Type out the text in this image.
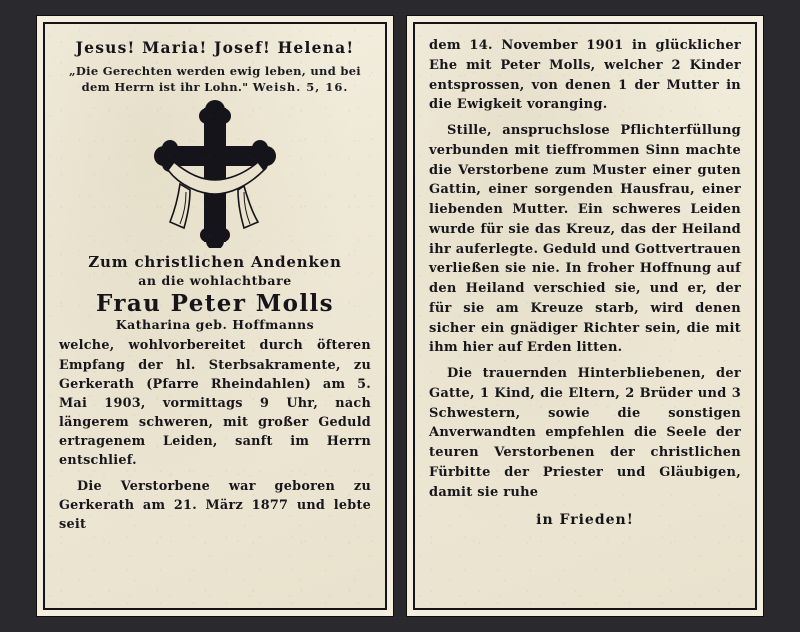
Jesus! Maria! Josef! Helena!
„Die Gerechten werden ewig leben, und bei
dem Herrn ist ihr Lohn." Weish. 5, 16.
Zum christlichen Andenken
an die wohlachtbare
Frau Peter Molls
Katharina geb. Hoffmanns

welche, wohlvorbereitet durch öfteren Empfang der hl. Sterbsakramente, zu Gerkerath (Pfarre Rheindahlen) am 5. Mai 1903, vormittags 9 Uhr, nach längerem schweren, mit großer Geduld ertragenem Leiden, sanft im Herrn entschlief.

Die Verstorbene war geboren zu Gerkerath am 21. März 1877 und lebte seit

dem 14. November 1901 in glücklicher Ehe mit Peter Molls, welcher 2 Kinder entsprossen, von denen 1 der Mutter in die Ewigkeit voranging.

Stille, anspruchslose Pflichterfüllung verbunden mit tieffrommen Sinn machte die Verstorbene zum Muster einer guten Gattin, einer sorgenden Hausfrau, einer liebenden Mutter. Ein schweres Leiden wurde für sie das Kreuz, das der Heiland ihr auferlegte. Geduld und Gottvertrauen verließen sie nie. In froher Hoffnung auf den Heiland verschied sie, und er, der für sie am Kreuze starb, wird denen sicher ein gnädiger Richter sein, die mit ihm hier auf Erden litten.

Die trauernden Hinterbliebenen, der Gatte, 1 Kind, die Eltern, 2 Brüder und 3 Schwestern, sowie die sonstigen Anverwandten empfehlen die Seele der teuren Verstorbenen der christlichen Fürbitte der Priester und Gläubigen, damit sie ruhe

in Frieden!
